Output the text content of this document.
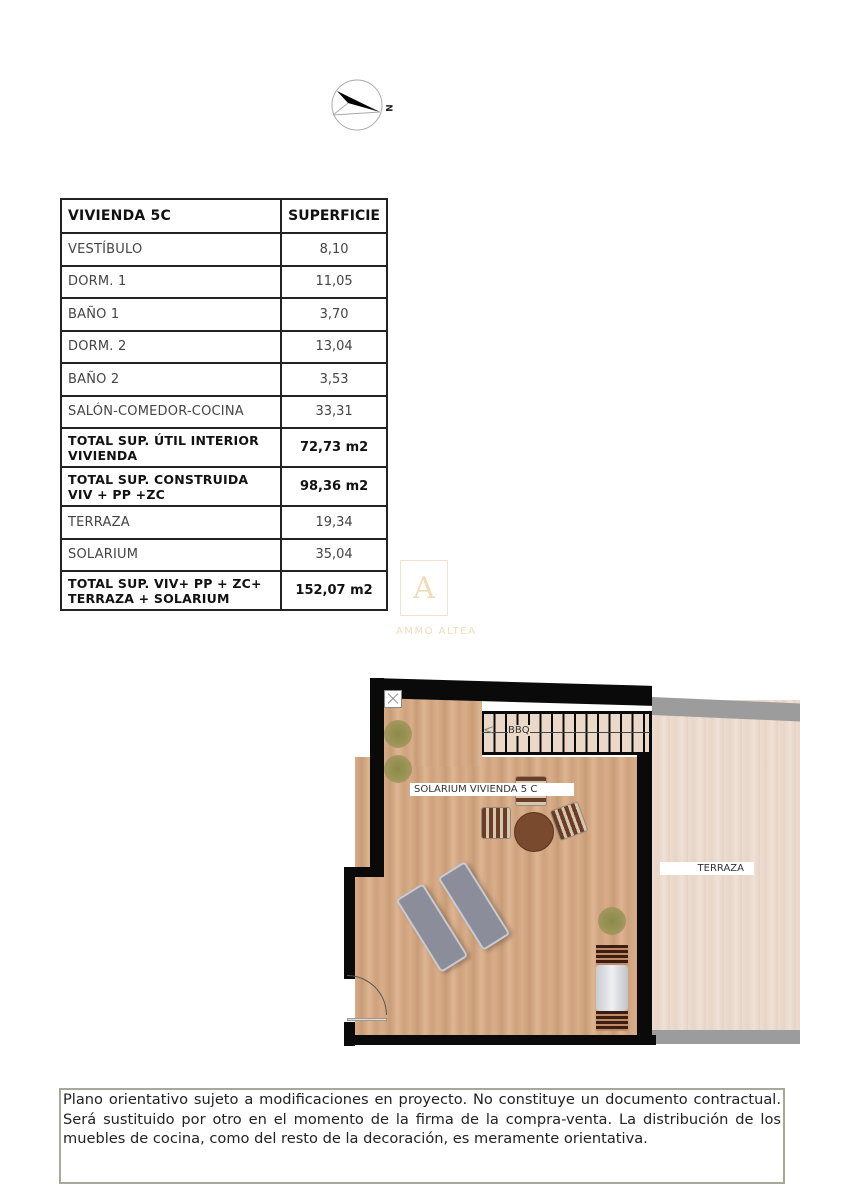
N
VIVIENDA 5C	SUPERFICIE
VESTÍBULO	8,10
DORM. 1	11,05
BAÑO 1	3,70
DORM. 2	13,04
BAÑO 2	3,53
SALÓN-COMEDOR-COCINA	33,31
TOTAL SUP. ÚTIL INTERIOR
VIVIENDA	72,73 m2
TOTAL SUP. CONSTRUIDA
VIV + PP +ZC	98,36 m2
TERRAZA	19,34
SOLARIUM	35,04
TOTAL SUP. VIV+ PP + ZC+
TERRAZA + SOLARIUM	152,07 m2 A
AMMO ALTEA
< BBQ
SOLARIUM VIVIENDA 5 C
TERRAZA
Plano orientativo sujeto a modificaciones en proyecto. No constituye un documento contractual. Será sustituido por otro en el momento de la firma de la compra-venta. La distribución de los muebles de cocina, como del resto de la decoración, es meramente orientativa.
